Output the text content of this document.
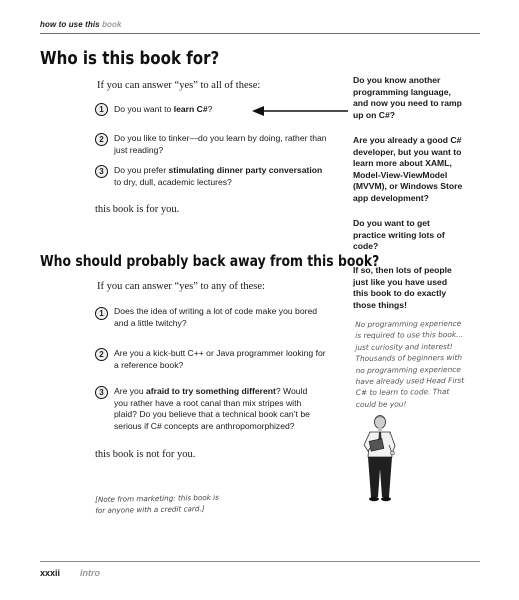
how to use this book
Who is this book for?
If you can answer “yes” to all of these:
1	Do you want to learn C#?
2	Do you like to tinker—do you learn by doing, rather than
just reading?
3	Do you prefer stimulating dinner party conversation
to dry, dull, academic lectures?
this book is for you.
Who should probably back away from this book?
If you can answer “yes” to any of these:
1	Does the idea of writing a lot of code make you bored
and a little twitchy?
2	Are you a kick-butt C++ or Java programmer looking for
a reference book?
3	Are you afraid to try something different? Would
you rather have a root canal than mix stripes with
plaid? Do you believe that a technical book can’t be
serious if C# concepts are anthropomorphized?
this book is not for you.
Do you know another
programming language,
and now you need to ramp
up on C#?
Are you already a good C#
developer, but you want to
learn more about XAML,
Model-View-ViewModel
(MVVM), or Windows Store
app development?
Do you want to get
practice writing lots of
code?
If so, then lots of people
just like you have used
this book to do exactly
those things!
No programming experience
is required to use this book...
just curiosity and interest!
Thousands of beginners with
no programming experience
have already used Head First
C# to learn to code. That
could be you!
[Note from marketing: this book is
for anyone with a credit card.]
xxxii intro
